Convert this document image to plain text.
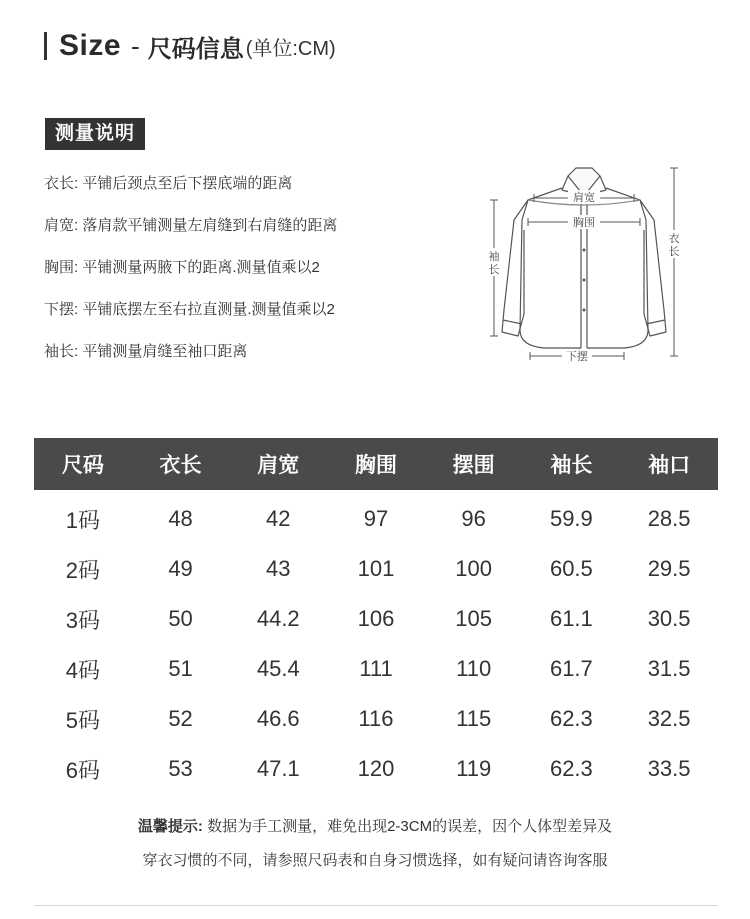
Size - 尺码信息 (单位:CM)
测量说明
衣长: 平铺后颈点至后下摆底端的距离
肩宽: 落肩款平铺测量左肩缝到右肩缝的距离
胸围: 平铺测量两腋下的距离.测量值乘以2
下摆: 平铺底摆左至右拉直测量.测量值乘以2
袖长: 平铺测量肩缝至袖口距离
肩宽
胸围
袖
长
衣
长
下摆
尺码	衣长	肩宽	胸围	摆围	袖长	袖口
1码	48	42	97	96	59.9	28.5
2码	49	43	101	100	60.5	29.5
3码	50	44.2	106	105	61.1	30.5
4码	51	45.4	111	110	61.7	31.5
5码	52	46.6	116	115	62.3	32.5
6码	53	47.1	120	119	62.3	33.5
温馨提示: 数据为手工测量，难免出现2-3CM的误差，因个人体型差异及
穿衣习惯的不同，请参照尺码表和自身习惯选择，如有疑问请咨询客服
